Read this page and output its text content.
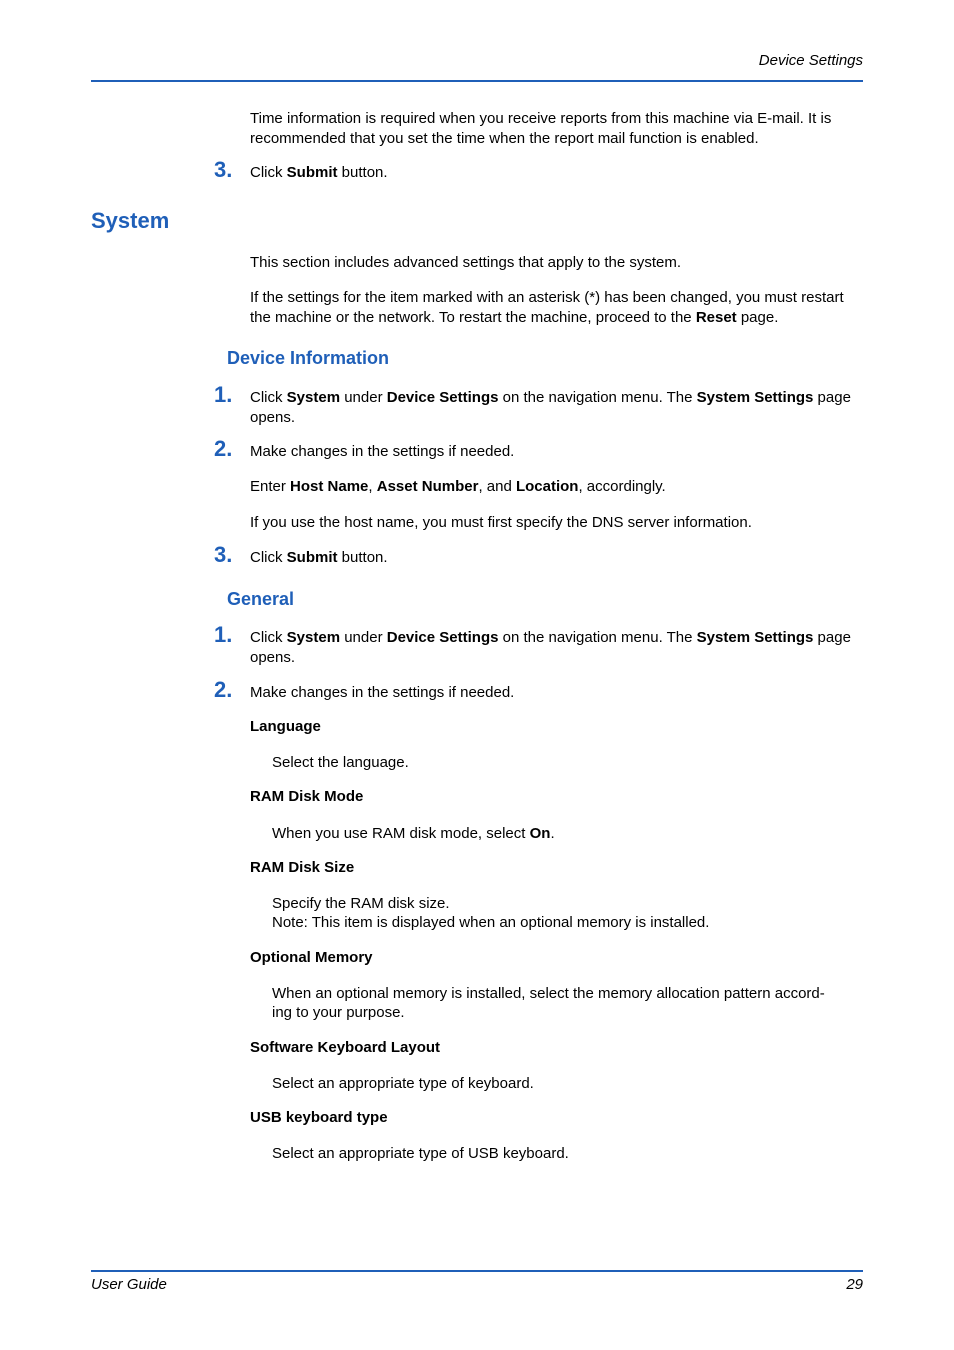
Device Settings
Time information is required when you receive reports from this machine via E-mail. It is recommended that you set the time when the report mail function is enabled.
3. Click Submit button.
System
This section includes advanced settings that apply to the system.
If the settings for the item marked with an asterisk (*) has been changed, you must restart the machine or the network. To restart the machine, proceed to the Reset page.
Device Information
1. Click System under Device Settings on the navigation menu. The System Settings page opens.
2. Make changes in the settings if needed.
Enter Host Name, Asset Number, and Location, accordingly.
If you use the host name, you must first specify the DNS server information.
3. Click Submit button.
General
1. Click System under Device Settings on the navigation menu. The System Settings page opens.
2. Make changes in the settings if needed.
Language
Select the language.
RAM Disk Mode
When you use RAM disk mode, select On.
RAM Disk Size
Specify the RAM disk size.
Note: This item is displayed when an optional memory is installed.
Optional Memory
When an optional memory is installed, select the memory allocation pattern accord-
ing to your purpose.
Software Keyboard Layout
Select an appropriate type of keyboard.
USB keyboard type
Select an appropriate type of USB keyboard.
User Guide	29
